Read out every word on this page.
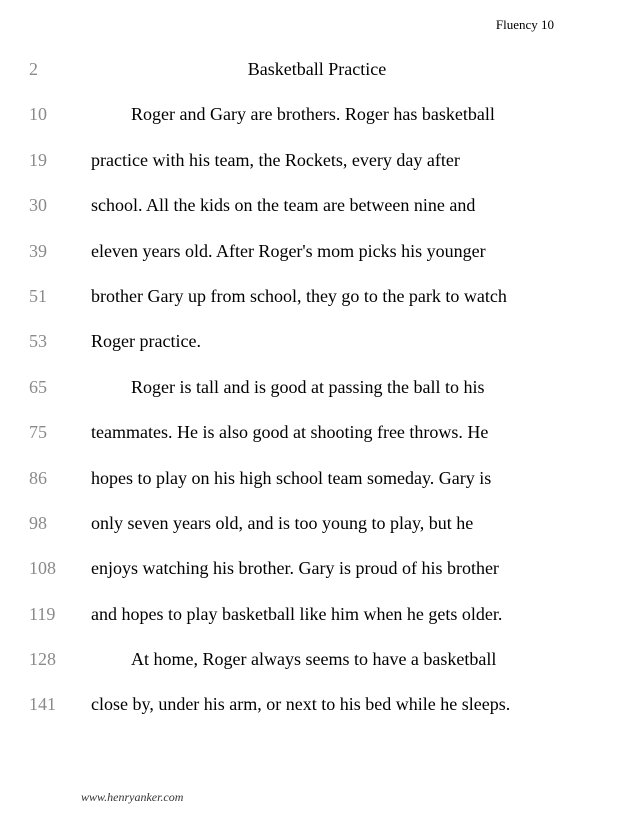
Fluency 10
2	Basketball Practice
10	Roger and Gary are brothers. Roger has basketball
19 practice with his team, the Rockets, every day after
30 school. All the kids on the team are between nine and
39 eleven years old. After Roger's mom picks his younger
51 brother Gary up from school, they go to the park to watch
53 Roger practice.
65	Roger is tall and is good at passing the ball to his
75 teammates. He is also good at shooting free throws. He
86 hopes to play on his high school team someday. Gary is
98 only seven years old, and is too young to play, but he
108 enjoys watching his brother. Gary is proud of his brother
119 and hopes to play basketball like him when he gets older.
128	At home, Roger always seems to have a basketball
141 close by, under his arm, or next to his bed while he sleeps.
www.henryanker.com
